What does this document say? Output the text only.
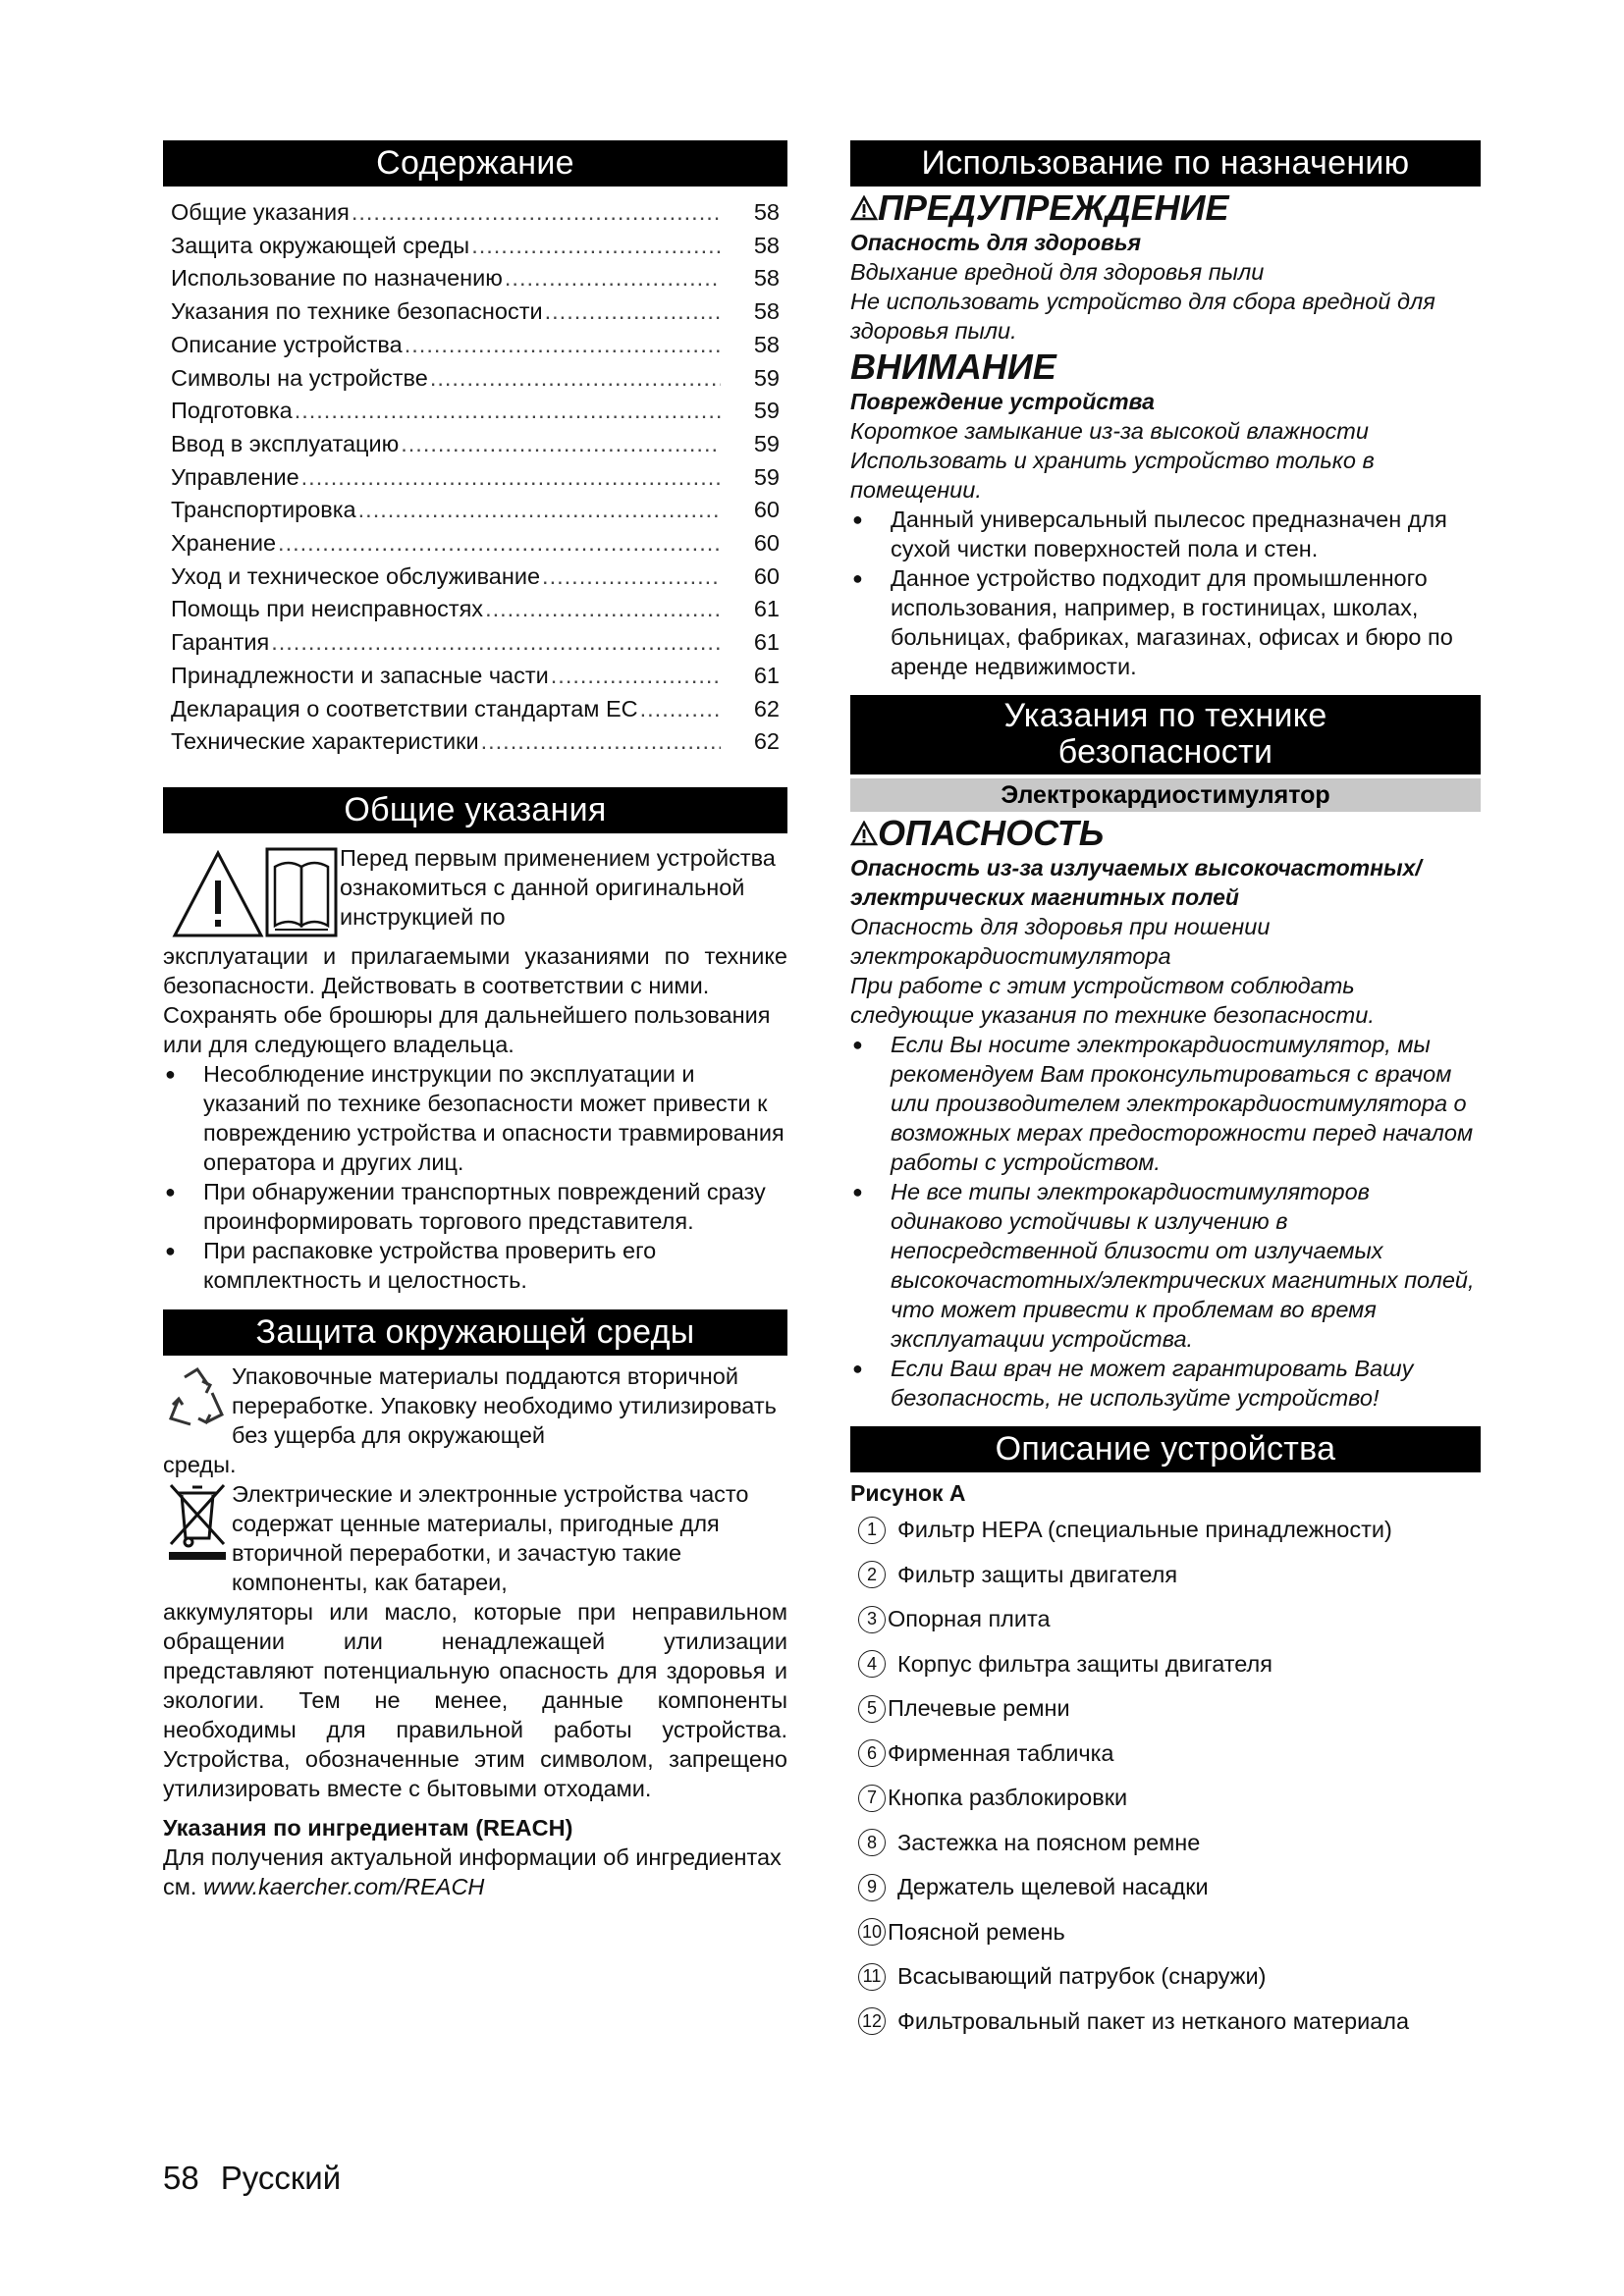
Содержание
Общие указания .....	58
Защита окружающей среды .....	58
Использование по назначению .....	58
Указания по технике безопасности .....	58
Описание устройства .....	58
Символы на устройстве .....	59
Подготовка .....	59
Ввод в эксплуатацию .....	59
Управление .....	59
Транспортировка .....	60
Хранение .....	60
Уход и техническое обслуживание .....	60
Помощь при неисправностях .....	61
Гарантия .....	61
Принадлежности и запасные части .....	61
Декларация о соответствии стандартам ЕС .....	62
Технические характеристики .....	62
Общие указания

Перед первым применением устройства ознакомиться с данной оригинальной инструкцией по

эксплуатации и прилагаемыми указаниями по технике безопасности. Действовать в соответствии с ними.

Сохранять обе брошюры для дальнейшего пользования или для следующего владельца.

● Несоблюдение инструкции по эксплуатации и указаний по технике безопасности может привести к повреждению устройства и опасности травмирования оператора и других лиц.
● При обнаружении транспортных повреждений сразу проинформировать торгового представителя.
● При распаковке устройства проверить его комплектность и целостность.
Защита окружающей среды

Упаковочные материалы поддаются вторичной переработке. Упаковку необходимо утилизировать без ущерба для окружающей

среды.

Электрические и электронные устройства часто содержат ценные материалы, пригодные для вторичной переработки, и зачастую такие компоненты, как батареи,

аккумуляторы или масло, которые при неправильном обращении или ненадлежащей утилизации представляют потенциальную опасность для здоровья и экологии. Тем не менее, данные компоненты необходимы для правильной работы устройства. Устройства, обозначенные этим символом, запрещено утилизировать вместе с бытовыми отходами.

Указания по ингредиентам (REACH)

Для получения актуальной информации об ингредиентах см. www.kaercher.com/REACH

Использование по назначению
ПРЕДУПРЕЖДЕНИЕ

Опасность для здоровья

Вдыхание вредной для здоровья пыли

Не использовать устройство для сбора вредной для здоровья пыли.

ВНИМАНИЕ

Повреждение устройства

Короткое замыкание из-за высокой влажности

Использовать и хранить устройство только в помещении.

● Данный универсальный пылесос предназначен для сухой чистки поверхностей пола и стен.
● Данное устройство подходит для промышленного использования, например, в гостиницах, школах, больницах, фабриках, магазинах, офисах и бюро по аренде недвижимости.
Указания по технике безопасности
Электрокардиостимулятор
ОПАСНОСТЬ

Опасность из-за излучаемых высокочастотных/электрических магнитных полей

Опасность для здоровья при ношении электрокардиостимулятора

При работе с этим устройством соблюдать следующие указания по технике безопасности.

● Если Вы носите электрокардиостимулятор, мы рекомендуем Вам проконсультироваться с врачом или производителем электрокардиостимулятора о возможных мерах предосторожности перед началом работы с устройством.
● Не все типы электрокардиостимуляторов одинаково устойчивы к излучению в непосредственной близости от излучаемых высокочастотных/электрических магнитных полей, что может привести к проблемам во время эксплуатации устройства.
● Если Ваш врач не может гарантировать Вашу безопасность, не используйте устройство!
Описание устройства
Рисунок A
1 Фильтр HEPA (специальные принадлежности)
2 Фильтр защиты двигателя
3 Опорная плита
4 Корпус фильтра защиты двигателя
5 Плечевые ремни
6 Фирменная табличка
7 Кнопка разблокировки
8 Застежка на поясном ремне
9 Держатель щелевой насадки
10 Поясной ремень
11 Всасывающий патрубок (снаружи)
12 Фильтровальный пакет из нетканого материала
58 Русский
